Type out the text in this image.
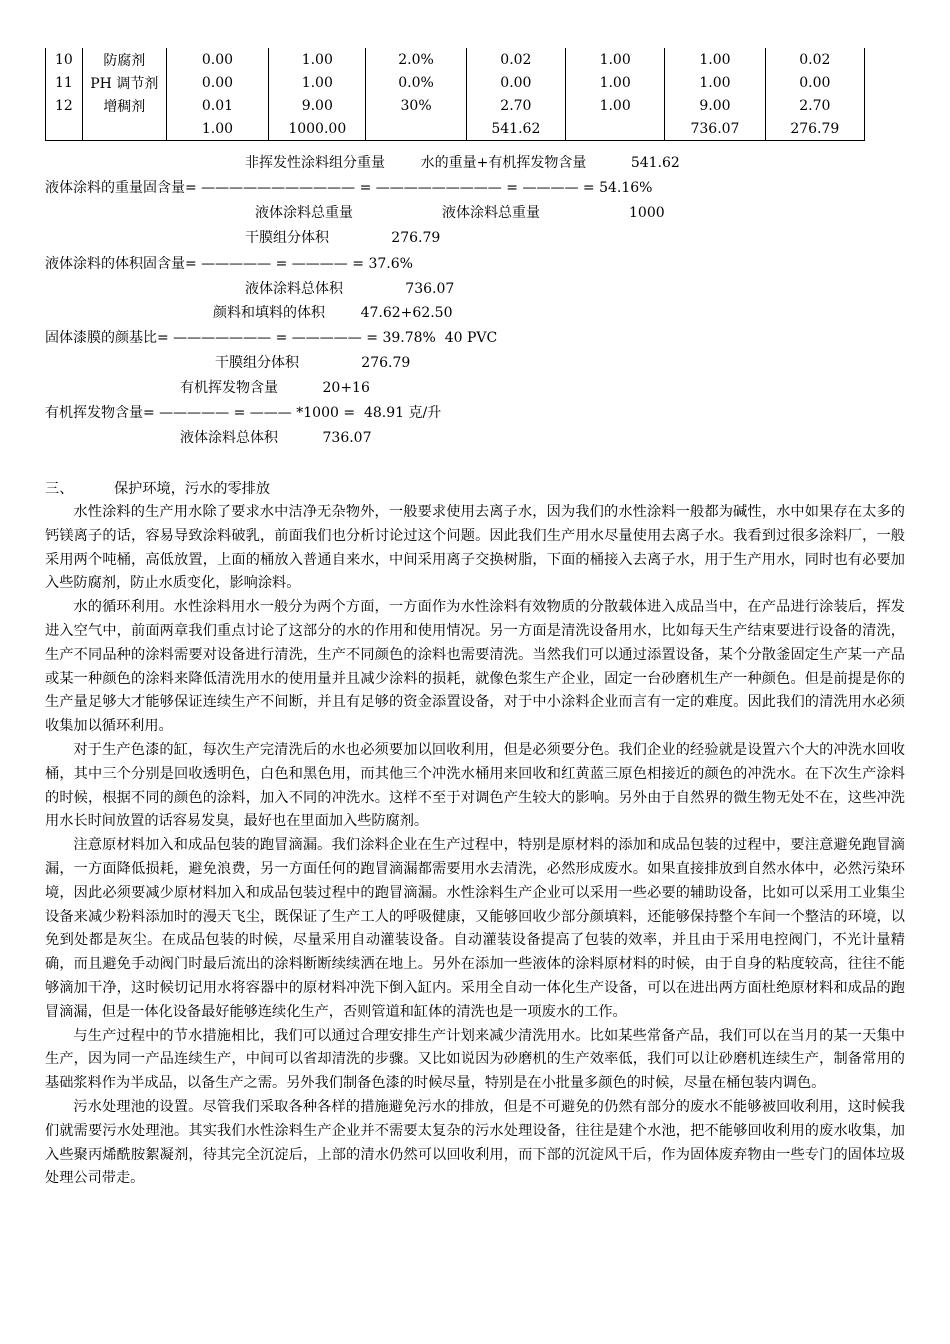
10	防腐剂	0.00	1.00	2.0%	0.02	1.00	1.00	0.02
11	PH 调节剂	0.00	1.00	0.0%	0.00	1.00	1.00	0.00
12	增稠剂	0.01	9.00	30%	2.70	1.00	9.00	2.70
		1.00	1000.00		541.62		736.07	276.79
非挥发性涂料组分重量        水的重量+有机挥发物含量          541.62
液体涂料的重量固含量= ——————————— = ————————— = ———— = 54.16%
液体涂料总重量                    液体涂料总重量                    1000
干膜组分体积              276.79
液体涂料的体积固含量= ————— = ———— = 37.6%
液体涂料总体积              736.07
颜料和填料的体积        47.62+62.50
固体漆膜的颜基比= ——————— = ————— = 39.78%  40 PVC
干膜组分体积              276.79
有机挥发物含量          20+16
有机挥发物含量= ————— = ——— *1000 =  48.91 克/升
液体涂料总体积          736.07
三、	保护环境，污水的零排放

水性涂料的生产用水除了要求水中洁净无杂物外，一般要求使用去离子水，因为我们的水性涂料一般都为碱性，水中如果存在太多的钙镁离子的话，容易导致涂料破乳，前面我们也分析讨论过这个问题。因此我们生产用水尽量使用去离子水。我看到过很多涂料厂，一般采用两个吨桶，高低放置，上面的桶放入普通自来水，中间采用离子交换树脂，下面的桶接入去离子水，用于生产用水，同时也有必要加入些防腐剂，防止水质变化，影响涂料。

水的循环利用。水性涂料用水一般分为两个方面，一方面作为水性涂料有效物质的分散载体进入成品当中，在产品进行涂装后，挥发进入空气中，前面两章我们重点讨论了这部分的水的作用和使用情况。另一方面是清洗设备用水，比如每天生产结束要进行设备的清洗，生产不同品种的涂料需要对设备进行清洗，生产不同颜色的涂料也需要清洗。当然我们可以通过添置设备，某个分散釜固定生产某一产品或某一种颜色的涂料来降低清洗用水的使用量并且减少涂料的损耗，就像色浆生产企业，固定一台砂磨机生产一种颜色。但是前提是你的生产量足够大才能够保证连续生产不间断，并且有足够的资金添置设备，对于中小涂料企业而言有一定的难度。因此我们的清洗用水必须收集加以循环利用。

对于生产色漆的缸，每次生产完清洗后的水也必须要加以回收利用，但是必须要分色。我们企业的经验就是设置六个大的冲洗水回收桶，其中三个分别是回收透明色，白色和黑色用，而其他三个冲洗水桶用来回收和红黄蓝三原色相接近的颜色的冲洗水。在下次生产涂料的时候，根据不同的颜色的涂料，加入不同的冲洗水。这样不至于对调色产生较大的影响。另外由于自然界的微生物无处不在，这些冲洗用水长时间放置的话容易发臭，最好也在里面加入些防腐剂。

注意原材料加入和成品包装的跑冒滴漏。我们涂料企业在生产过程中，特别是原材料的添加和成品包装的过程中，要注意避免跑冒滴漏，一方面降低损耗，避免浪费，另一方面任何的跑冒滴漏都需要用水去清洗，必然形成废水。如果直接排放到自然水体中，必然污染环境，因此必须要减少原材料加入和成品包装过程中的跑冒滴漏。水性涂料生产企业可以采用一些必要的辅助设备，比如可以采用工业集尘设备来减少粉料添加时的漫天飞尘，既保证了生产工人的呼吸健康，又能够回收少部分颜填料，还能够保持整个车间一个整洁的环境，以免到处都是灰尘。在成品包装的时候，尽量采用自动灌装设备。自动灌装设备提高了包装的效率，并且由于采用电控阀门，不光计量精确，而且避免手动阀门时最后流出的涂料断断续续洒在地上。另外在添加一些液体的涂料原材料的时候，由于自身的粘度较高，往往不能够滴加干净，这时候切记用水将容器中的原材料冲洗下倒入缸内。采用全自动一体化生产设备，可以在进出两方面杜绝原材料和成品的跑冒滴漏，但是一体化设备最好能够连续化生产，否则管道和缸体的清洗也是一项废水的工作。

与生产过程中的节水措施相比，我们可以通过合理安排生产计划来减少清洗用水。比如某些常备产品，我们可以在当月的某一天集中生产，因为同一产品连续生产，中间可以省却清洗的步骤。又比如说因为砂磨机的生产效率低，我们可以让砂磨机连续生产，制备常用的基础浆料作为半成品，以备生产之需。另外我们制备色漆的时候尽量，特别是在小批量多颜色的时候，尽量在桶包装内调色。

污水处理池的设置。尽管我们采取各种各样的措施避免污水的排放，但是不可避免的仍然有部分的废水不能够被回收利用，这时候我们就需要污水处理池。其实我们水性涂料生产企业并不需要太复杂的污水处理设备，往往是建个水池，把不能够回收利用的废水收集，加入些聚丙烯酰胺絮凝剂，待其完全沉淀后，上部的清水仍然可以回收利用，而下部的沉淀风干后，作为固体废弃物由一些专门的固体垃圾处理公司带走。
